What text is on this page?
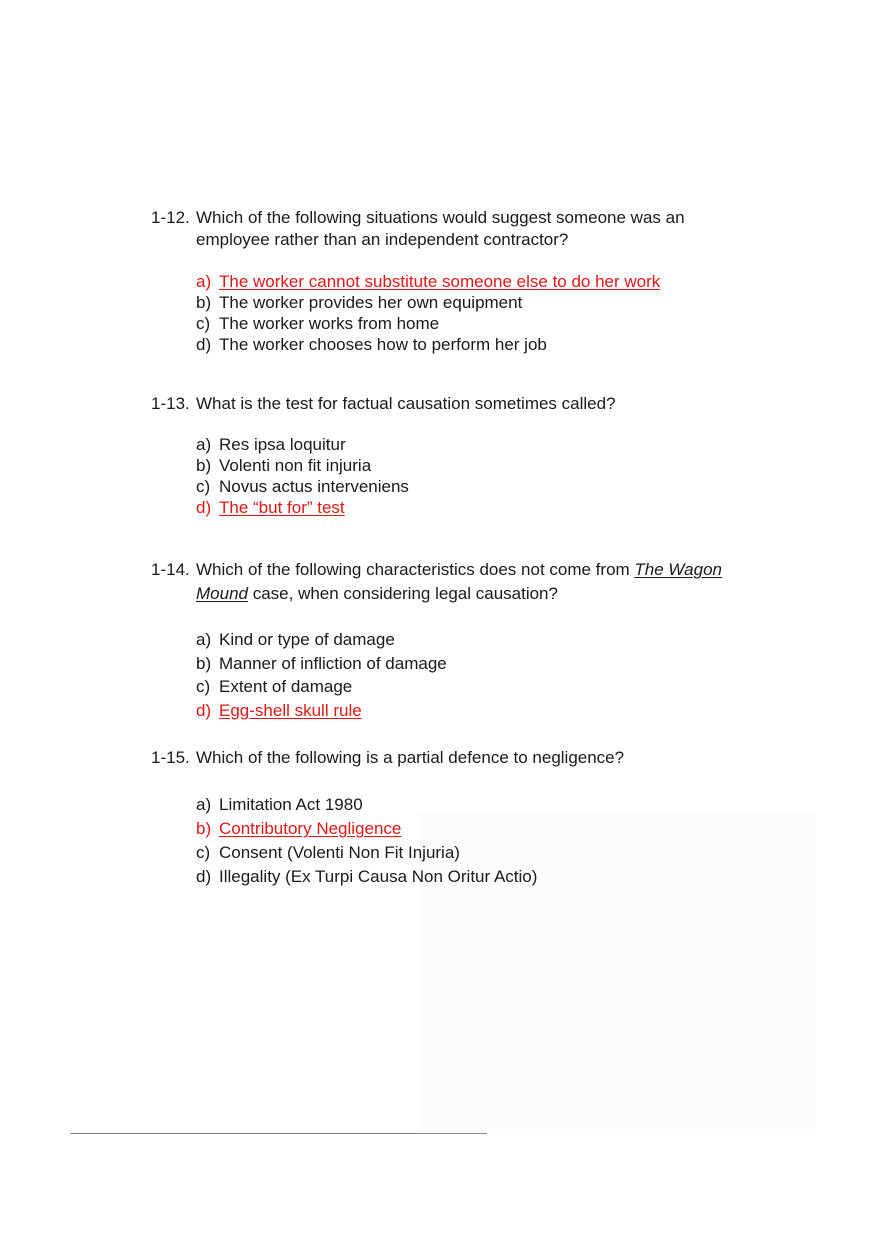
1-12. Which of the following situations would suggest someone was an employee rather than an independent contractor?
a) The worker cannot substitute someone else to do her work
b) The worker provides her own equipment
c) The worker works from home
d) The worker chooses how to perform her job
1-13. What is the test for factual causation sometimes called?
a) Res ipsa loquitur
b) Volenti non fit injuria
c) Novus actus interveniens
d) The “but for” test
1-14. Which of the following characteristics does not come from The Wagon Mound case, when considering legal causation?
a) Kind or type of damage
b) Manner of infliction of damage
c) Extent of damage
d) Egg-shell skull rule
1-15. Which of the following is a partial defence to negligence?
a) Limitation Act 1980
b) Contributory Negligence
c) Consent (Volenti Non Fit Injuria)
d) Illegality (Ex Turpi Causa Non Oritur Actio)
